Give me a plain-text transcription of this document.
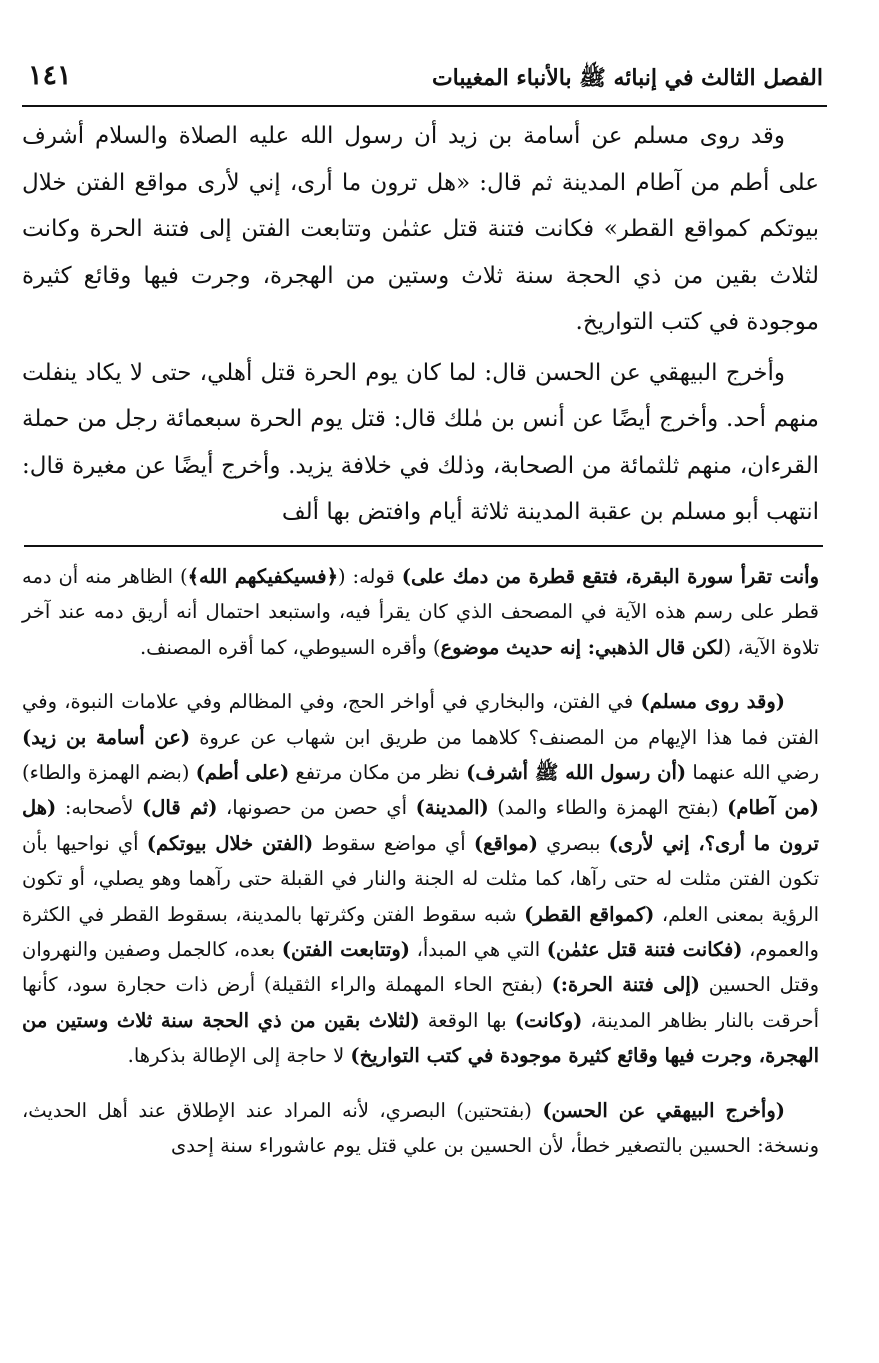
الفصل الثالث في إنبائه ﷺ بالأنباء المغيبات
١٤١

وقد روى مسلم عن أسامة بن زيد أن رسول الله عليه الصلاة والسلام أشرف على أطم من آطام المدينة ثم قال: «هل ترون ما أرى، إني لأرى مواقع الفتن خلال بيوتكم كمواقع القطر» فكانت فتنة قتل عثمٰن وتتابعت الفتن إلى فتنة الحرة وكانت لثلاث بقين من ذي الحجة سنة ثلاث وستين من الهجرة، وجرت فيها وقائع كثيرة موجودة في كتب التواريخ.

وأخرج البيهقي عن الحسن قال: لما كان يوم الحرة قتل أهلي، حتى لا يكاد ينفلت منهم أحد. وأخرج أيضًا عن أنس بن مٰلك قال: قتل يوم الحرة سبعمائة رجل من حملة القرءان، منهم ثلثمائة من الصحابة، وذلك في خلافة يزيد. وأخرج أيضًا عن مغيرة قال: انتهب أبو مسلم بن عقبة المدينة ثلاثة أيام وافتض بها ألف

وأنت تقرأ سورة البقرة، فتقع قطرة من دمك على) قوله: (﴿فسيكفيكهم الله﴾) الظاهر منه أن دمه قطر على رسم هذه الآية في المصحف الذي كان يقرأ فيه، واستبعد احتمال أنه أريق دمه عند آخر تلاوة الآية، (لكن قال الذهبي: إنه حديث موضوع) وأقره السيوطي، كما أقره المصنف.

(وقد روى مسلم) في الفتن، والبخاري في أواخر الحج، وفي المظالم وفي علامات النبوة، وفي الفتن فما هذا الإيهام من المصنف؟ كلاهما من طريق ابن شهاب عن عروة (عن أسامة بن زيد) رضي الله عنهما (أن رسول الله ﷺ أشرف) نظر من مكان مرتفع (على أطم) (بضم الهمزة والطاء) (من آطام) (بفتح الهمزة والطاء والمد) (المدينة) أي حصن من حصونها، (ثم قال) لأصحابه: (هل ترون ما أرى؟، إني لأرى) ببصري (مواقع) أي مواضع سقوط (الفتن خلال بيوتكم) أي نواحيها بأن تكون الفتن مثلت له حتى رآها، كما مثلت له الجنة والنار في القبلة حتى رآهما وهو يصلي، أو تكون الرؤية بمعنى العلم، (كمواقع القطر) شبه سقوط الفتن وكثرتها بالمدينة، بسقوط القطر في الكثرة والعموم، (فكانت فتنة قتل عثمٰن) التي هي المبدأ، (وتتابعت الفتن) بعده، كالجمل وصفين والنهروان وقتل الحسين (إلى فتنة الحرة:) (بفتح الحاء المهملة والراء الثقيلة) أرض ذات حجارة سود، كأنها أحرقت بالنار بظاهر المدينة، (وكانت) بها الوقعة (لثلاث بقين من ذي الحجة سنة ثلاث وستين من الهجرة، وجرت فيها وقائع كثيرة موجودة في كتب التواريخ) لا حاجة إلى الإطالة بذكرها.

(وأخرج البيهقي عن الحسن) (بفتحتين) البصري، لأنه المراد عند الإطلاق عند أهل الحديث، ونسخة: الحسين بالتصغير خطأ، لأن الحسين بن علي قتل يوم عاشوراء سنة إحدى
